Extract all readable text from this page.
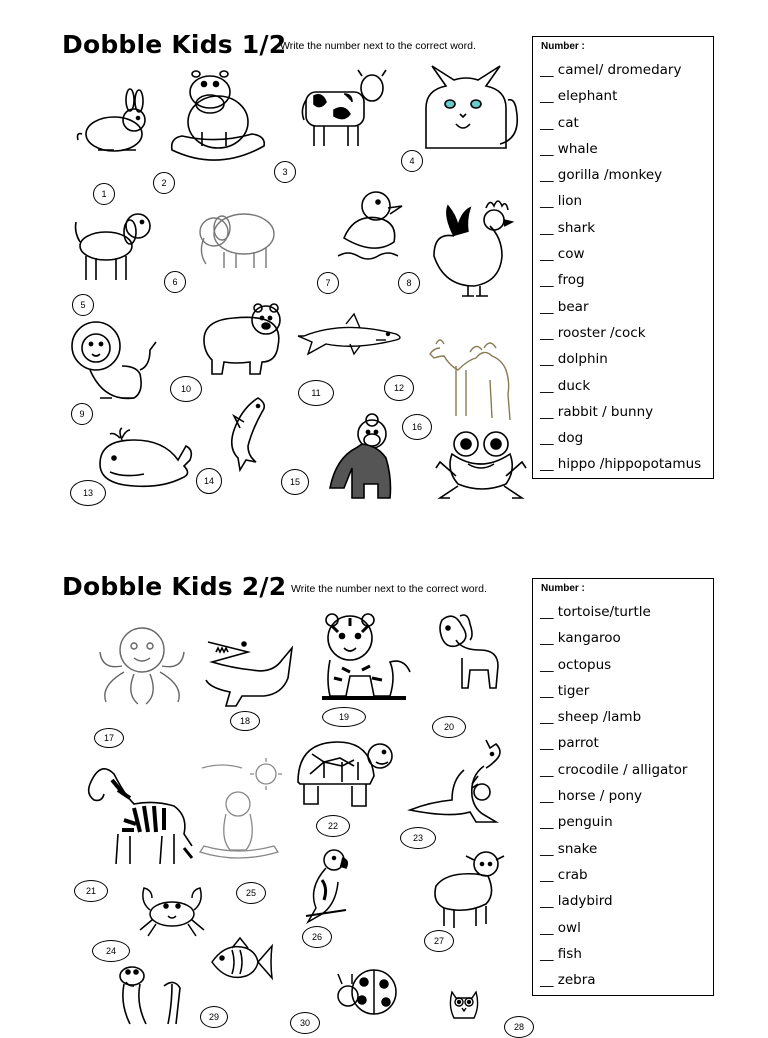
Dobble Kids 1/2
Write the number next to the correct word.	Number :
__ camel/ dromedary
__ elephant
__ cat
__ whale
__ gorilla /monkey
__ lion
__ shark
__ cow
__ frog
__ bear
__ rooster /cock
__ dolphin
__ duck
__ rabbit / bunny
__ dog
__ hippo /hippopotamus
1
2
3
4
5
6	7	8
9
10	11	12
13
14	15
16
Dobble Kids 2/2 Write the number next to the correct word.	Number :
__ tortoise/turtle
__ kangaroo
__ octopus
__ tiger
__ sheep /lamb
__ parrot
__ crocodile / alligator
__ horse / pony
__ penguin
__ snake
__ crab
__ ladybird
__ owl
__ fish
__ zebra
17
18	19
20
21
22
23
24
25
26	27
28
29
30
